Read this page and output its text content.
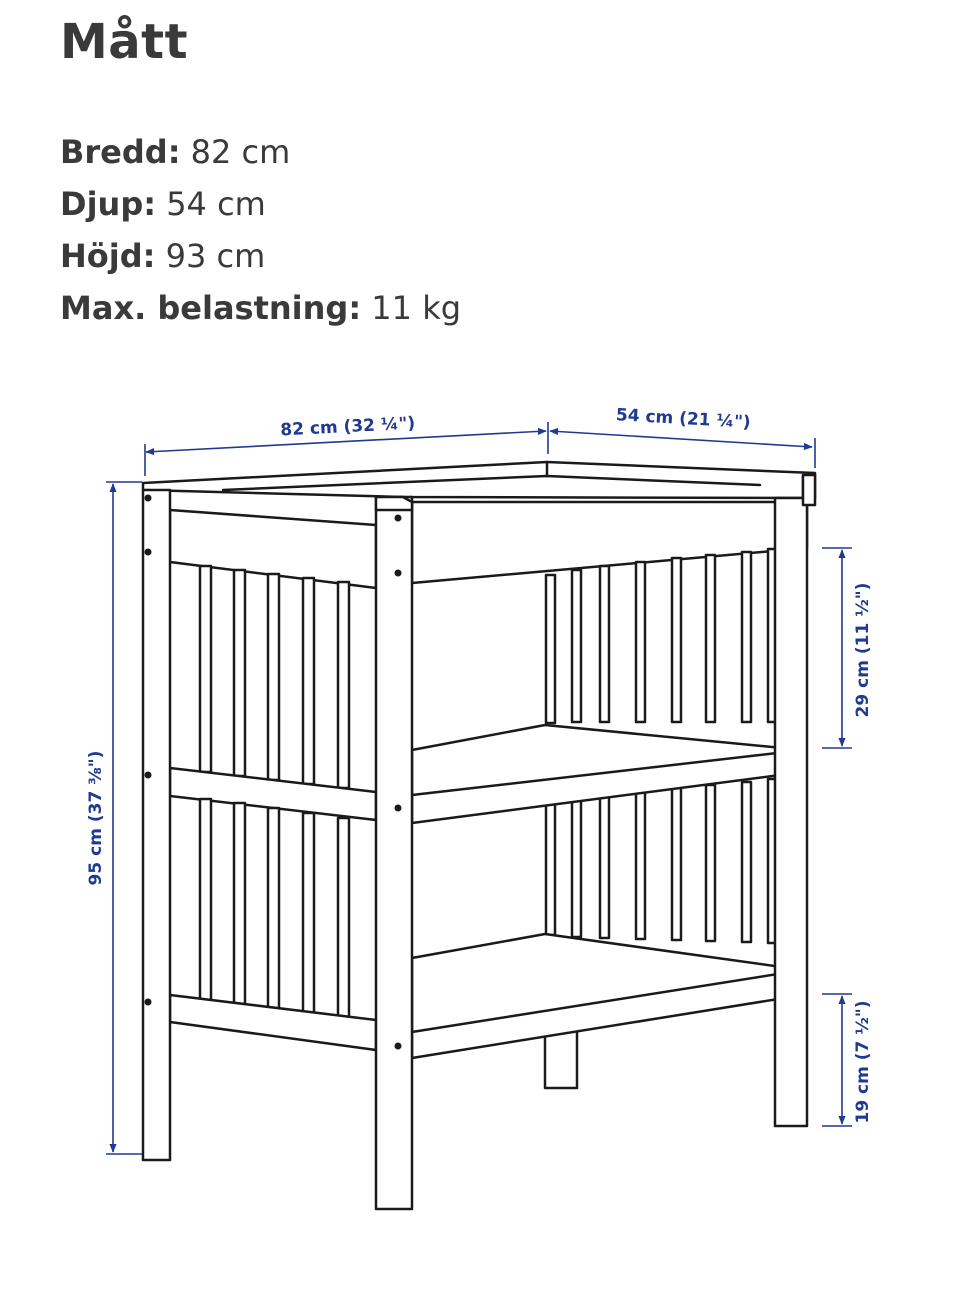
Mått
Bredd: 82 cm
Djup: 54 cm
Höjd: 93 cm
Max. belastning: 11 kg
82 cm (32 ¼")	54 cm (21 ¼")
95 cm (37 ⅜")
29 cm (11 ½")
19 cm (7 ½")
